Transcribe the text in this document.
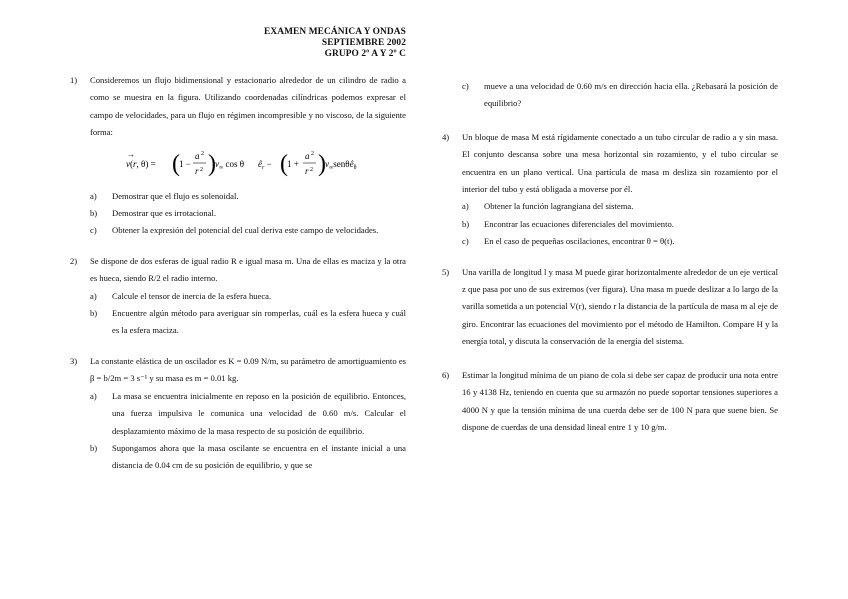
EXAMEN MECÁNICA Y ONDAS
SEPTIEMBRE 2002
GRUPO 2º A Y 2º C
1) Consideremos un flujo bidimensional y estacionario alrededor de un cilindro de radio a como se muestra en la figura. Utilizando coordenadas cilíndricas podemos expresar el campo de velocidades, para un flujo en régimen incompresible y no viscoso, de la siguiente forma:
v(r, θ) =
→ ( 1 −
a 2
r 2 ) $v_\infty$ cos θ $ê_r$ − ( 1 +
a 2
r 2 ) $v_\infty sen\theta ê_\theta$
a) Demostrar que el flujo es solenoidal.
b) Demostrar que es irrotacional.
c) Obtener la expresión del potencial del cual deriva este campo de velocidades.
2) Se dispone de dos esferas de igual radio R e igual masa m. Una de ellas es maciza y la otra es hueca, siendo R/2 el radio interno.
a) Calcule el tensor de inercia de la esfera hueca.
b) Encuentre algún método para averiguar sin romperlas, cuál es la esfera hueca y cuál es la esfera maciza.
3) La constante elástica de un oscilador es K = 0.09 N/m, su parámetro de amortiguamiento es β = b/2m = 3 s⁻¹ y su masa es m = 0.01 kg.
a) La masa se encuentra inicialmente en reposo en la posición de equilibrio. Entonces, una fuerza impulsiva le comunica una velocidad de 0.60 m/s. Calcular el desplazamiento máximo de la masa respecto de su posición de equilibrio.
b) Supongamos ahora que la masa oscilante se encuentra en el instante inicial a una distancia de 0.04 cm de su posición de equilibrio, y que se
c) mueve a una velocidad de 0.60 m/s en dirección hacia ella. ¿Rebasará la posición de equilibrio?
4) Un bloque de masa M está rígidamente conectado a un tubo circular de radio a y sin masa. El conjunto descansa sobre una mesa horizontal sin rozamiento, y el tubo circular se encuentra en un plano vertical. Una partícula de masa m desliza sin rozamiento por el interior del tubo y está obligada a moverse por él.
a) Obtener la función lagrangiana del sistema.
b) Encontrar las ecuaciones diferenciales del movimiento.
c) En el caso de pequeñas oscilaciones, encontrar θ = θ(t).
5) Una varilla de longitud l y masa M puede girar horizontalmente alrededor de un eje vertical z que pasa por uno de sus extremos (ver figura). Una masa m puede deslizar a lo largo de la varilla sometida a un potencial V(r), siendo r la distancia de la partícula de masa m al eje de giro. Encontrar las ecuaciones del movimiento por el método de Hamilton. Compare H y la energía total, y discuta la conservación de la energía del sistema.
6) Estimar la longitud mínima de un piano de cola si debe ser capaz de producir una nota entre 16 y 4138 Hz, teniendo en cuenta que su armazón no puede soportar tensiones superiores a 4000 N y que la tensión mínima de una cuerda debe ser de 100 N para que suene bien. Se dispone de cuerdas de una densidad lineal entre 1 y 10 g/m.
